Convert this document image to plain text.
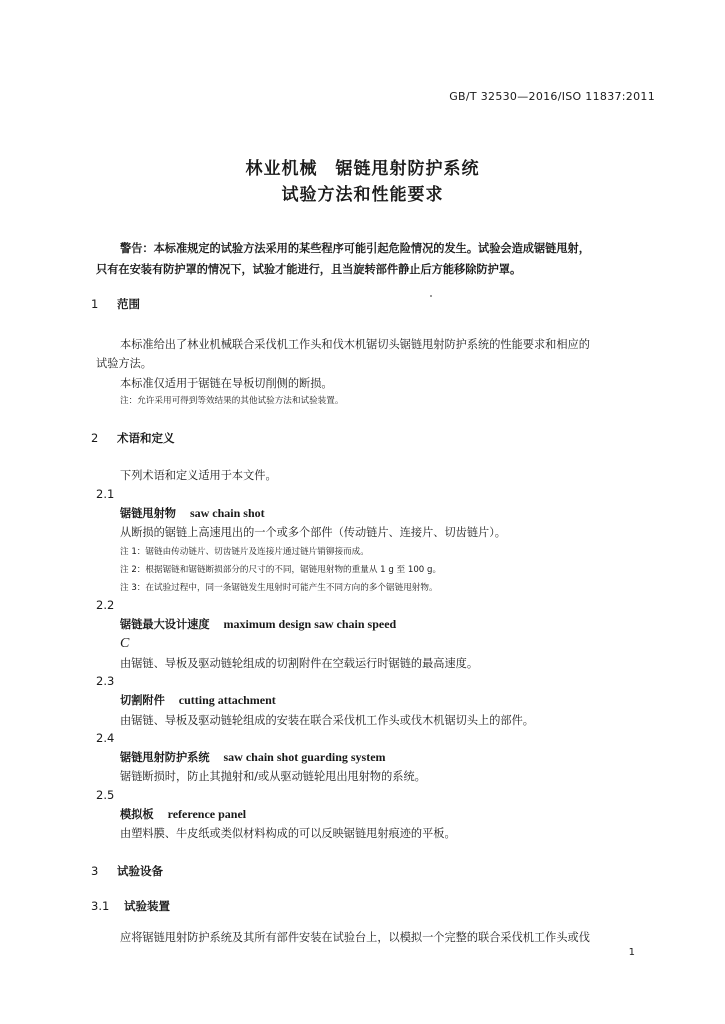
GB/T 32530—2016/ISO 11837:2011
林业机械　锯链甩射防护系统
试验方法和性能要求
警告：本标准规定的试验方法采用的某些程序可能引起危险情况的发生。试验会造成锯链甩射，
只有在安装有防护罩的情况下，试验才能进行，且当旋转部件静止后方能移除防护罩。
1 范围
本标准给出了林业机械联合采伐机工作头和伐木机锯切头锯链甩射防护系统的性能要求和相应的
试验方法。
本标准仅适用于锯链在导板切削侧的断损。
注：允许采用可得到等效结果的其他试验方法和试验装置。
2 术语和定义
下列术语和定义适用于本文件。
2.1
锯链甩射物 saw chain shot
从断损的锯链上高速甩出的一个或多个部件（传动链片、连接片、切齿链片）。
注 1：锯链由传动链片、切齿链片及连接片通过链片销铆接而成。
注 2：根据锯链和锯链断损部分的尺寸的不同，锯链甩射物的重量从 1 g 至 100 g。
注 3：在试验过程中，同一条锯链发生甩射时可能产生不同方向的多个锯链甩射物。
2.2
锯链最大设计速度 maximum design saw chain speed
C
由锯链、导板及驱动链轮组成的切割附件在空载运行时锯链的最高速度。
2.3
切割附件 cutting attachment
由锯链、导板及驱动链轮组成的安装在联合采伐机工作头或伐木机锯切头上的部件。
2.4
锯链甩射防护系统 saw chain shot guarding system
锯链断损时，防止其抛射和/或从驱动链轮甩出甩射物的系统。
2.5
模拟板 reference panel
由塑料膜、牛皮纸或类似材料构成的可以反映锯链甩射痕迹的平板。
3 试验设备
3.1 试验装置
应将锯链甩射防护系统及其所有部件安装在试验台上，以模拟一个完整的联合采伐机工作头或伐
1
